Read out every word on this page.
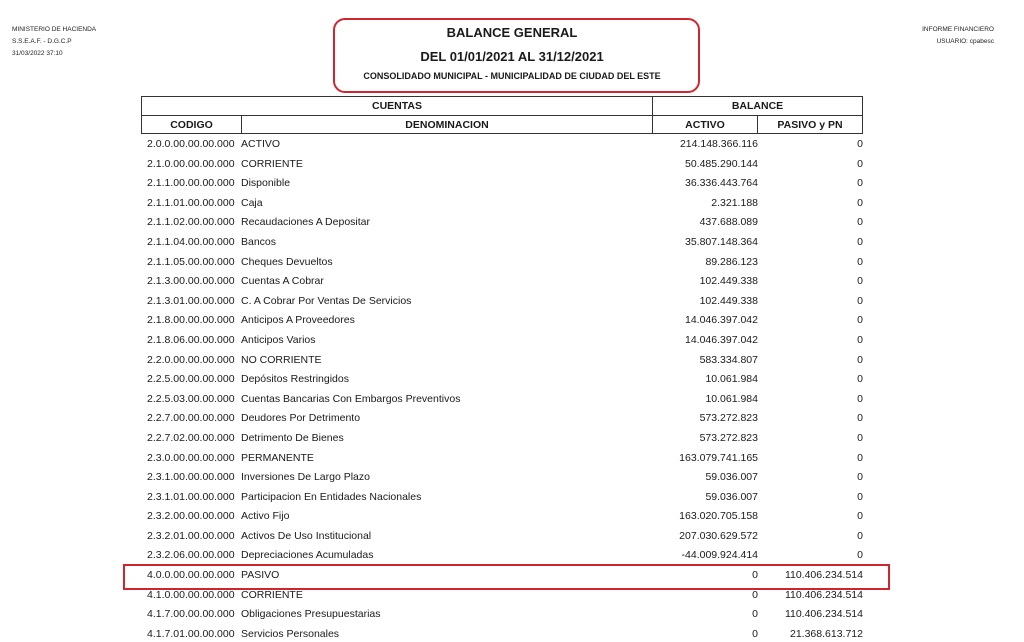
MINISTERIO DE HACIENDA
S.S.E.A.F. - D.G.C.P
31/03/2022 37:10
INFORME FINANCIERO
USUARIO: cpabesc
BALANCE GENERAL
DEL 01/01/2021 AL 31/12/2021
CONSOLIDADO MUNICIPAL - MUNICIPALIDAD DE CIUDAD DEL ESTE
CUENTAS	BALANCE
CODIGO	DENOMINACION	ACTIVO	PASIVO y PN
2.0.0.00.00.00.000 ACTIVO	214.148.366.116	0
2.1.0.00.00.00.000 CORRIENTE	50.485.290.144	0
2.1.1.00.00.00.000 Disponible	36.336.443.764	0
2.1.1.01.00.00.000 Caja	2.321.188	0
2.1.1.02.00.00.000 Recaudaciones A Depositar	437.688.089	0
2.1.1.04.00.00.000 Bancos	35.807.148.364	0
2.1.1.05.00.00.000 Cheques Devueltos	89.286.123	0
2.1.3.00.00.00.000 Cuentas A Cobrar	102.449.338	0
2.1.3.01.00.00.000 C. A Cobrar Por Ventas De Servicios	102.449.338	0
2.1.8.00.00.00.000 Anticipos A Proveedores	14.046.397.042	0
2.1.8.06.00.00.000 Anticipos Varios	14.046.397.042	0
2.2.0.00.00.00.000 NO CORRIENTE	583.334.807	0
2.2.5.00.00.00.000 Depósitos Restringidos	10.061.984	0
2.2.5.03.00.00.000 Cuentas Bancarias Con Embargos Preventivos	10.061.984	0
2.2.7.00.00.00.000 Deudores Por Detrimento	573.272.823	0
2.2.7.02.00.00.000 Detrimento De Bienes	573.272.823	0
2.3.0.00.00.00.000 PERMANENTE	163.079.741.165	0
2.3.1.00.00.00.000 Inversiones De Largo Plazo	59.036.007	0
2.3.1.01.00.00.000 Participacion En Entidades Nacionales	59.036.007	0
2.3.2.00.00.00.000 Activo Fijo	163.020.705.158	0
2.3.2.01.00.00.000 Activos De Uso Institucional	207.030.629.572	0
2.3.2.06.00.00.000 Depreciaciones Acumuladas	-44.009.924.414	0
4.0.0.00.00.00.000 PASIVO	0	110.406.234.514
4.1.0.00.00.00.000 CORRIENTE	0	110.406.234.514
4.1.7.00.00.00.000 Obligaciones Presupuestarias	0	110.406.234.514
4.1.7.01.00.00.000 Servicios Personales	0	21.368.613.712
